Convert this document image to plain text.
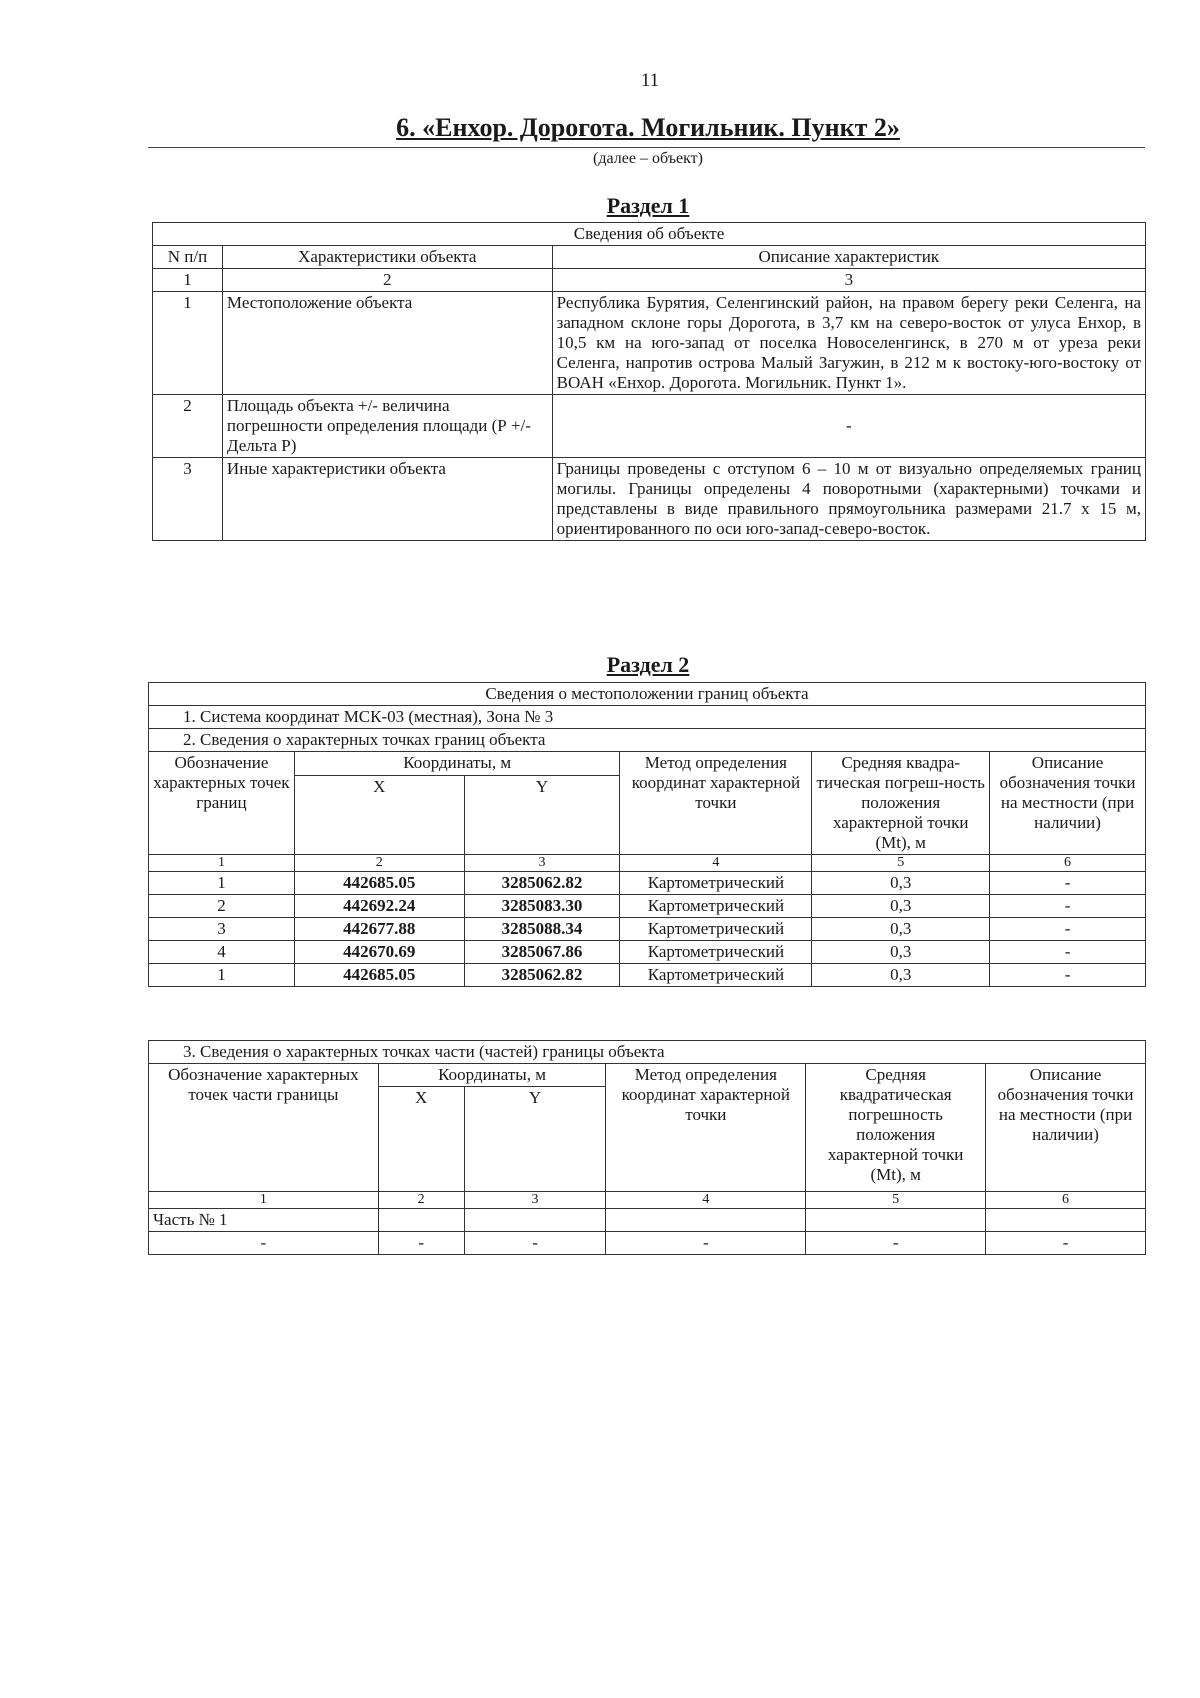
11
6. «Енхор. Дорогота. Могильник. Пункт 2»
(далее – объект)
Раздел 1
Сведения об объекте		
N п/п	Характеристики объекта	Описание характеристик
1	2	3
1	Местоположение объекта	Республика Бурятия, Селенгинский район, на правом берегу реки Селенга, на западном склоне горы Дорогота, в 3,7 км на северо-восток от улуса Енхор, в 10,5 км на юго-запад от поселка Новоселенгинск, в 270 м от уреза реки Селенга, напротив острова Малый Загужин, в 212 м к востоку-юго-востоку от ВОАН «Енхор. Дорогота. Могильник. Пункт 1».
2	Площадь объекта +/- величина погрешности определения площади (Р +/- Дельта Р)	-
3	Иные характеристики объекта	Границы проведены с отступом 6 – 10 м от визуально определяемых границ могилы. Границы определены 4 поворотными (характерными) точками и представлены в виде правильного прямоугольника размерами 21.7 х 15 м, ориентированного по оси юго-запад-северо-восток.
Раздел 2
Сведения о местоположении границ объекта					
1. Система координат МСК-03 (местная), Зона № 3					
2. Сведения о характерных точках границ объекта					
Обозначение характерных точек границ	Координаты, м		Метод определения координат характерной точки	Средняя квадра-тическая погреш-ность положения характерной точки (Mt), м	Описание обозначения точки на местности (при наличии)
	X	Y			
1	2	3	4	5	6
1	442685.05	3285062.82	Картометрический	0,3	-
2	442692.24	3285083.30	Картометрический	0,3	-
3	442677.88	3285088.34	Картометрический	0,3	-
4	442670.69	3285067.86	Картометрический	0,3	-
1	442685.05	3285062.82	Картометрический	0,3	-
3. Сведения о характерных точках части (частей) границы объекта					
Обозначение характерных точек части границы	Координаты, м		Метод определения координат характерной точки	Средняя квадратическая погрешность положения характерной точки (Mt), м	Описание обозначения точки на местности (при наличии)
	X	Y			
1	2	3	4	5	6
Часть № 1					
-	-	-	-	-	-
